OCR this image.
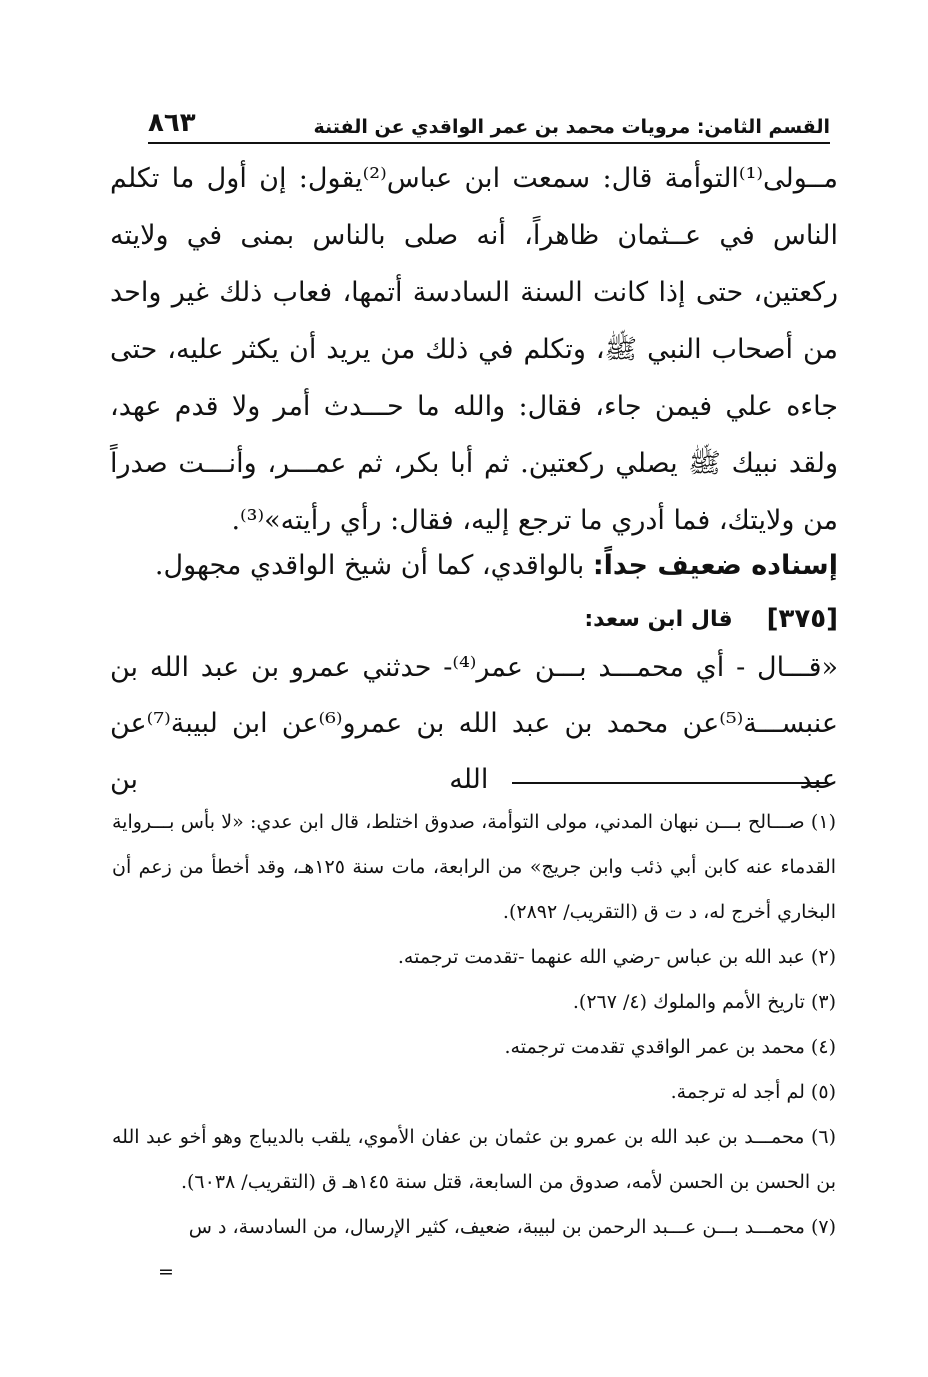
القسم الثامن: مرويات محمد بن عمر الواقدي عن الفتنة
٨٦٣

مــولى⁽¹⁾التوأمة قال: سمعت ابن عباس⁽²⁾يقول: إن أول ما تكلم الناس في عــثمان ظاهراً، أنه صلى بالناس بمنى في ولايته ركعتين، حتى إذا كانت السنة السادسة أتمها، فعاب ذلك غير واحد من أصحاب النبي ﷺ، وتكلم في ذلك من يريد أن يكثر عليه، حتى جاءه علي فيمن جاء، فقال: والله ما حـــدث أمر ولا قدم عهد، ولقد نبيك ﷺ يصلي ركعتين. ثم أبا بكر، ثم عمـــر، وأنـــت صدراً من ولايتك، فما أدري ما ترجع إليه، فقال: رأي رأيته»⁽³⁾.

إسناده ضعيف جداً: بالواقدي، كما أن شيخ الواقدي مجهول.
[٣٧٥]
قال ابن سعد:

«قـــال - أي محمـــد بـــن عمر⁽⁴⁾- حدثني عمرو بن عبد الله بن عنبســـة⁽⁵⁾عن محمد بن عبد الله بن عمرو⁽⁶⁾عن ابن لبيبة⁽⁷⁾عن عبد الله بن

(١) صـــالح بـــن نبهان المدني، مولى التوأمة، صدوق اختلط، قال ابن عدي: «لا بأس بـــرواية القدماء عنه كابن أبي ذئب وابن جريج» من الرابعة، مات سنة ١٢٥هـ، وقد أخطأ من زعم أن البخاري أخرج له، د ت ق (التقريب/ ٢٨٩٢).

(٢) عبد الله بن عباس -رضي الله عنهما -تقدمت ترجمته.

(٣) تاريخ الأمم والملوك (٤/ ٢٦٧).

(٤) محمد بن عمر الواقدي تقدمت ترجمته.

(٥) لم أجد له ترجمة.

(٦) محمـــد بن عبد الله بن عمرو بن عثمان بن عفان الأموي، يلقب بالديباج وهو أخو عبد الله بن الحسن بن الحسن لأمه، صدوق من السابعة، قتل سنة ١٤٥هـ ق (التقريب/ ٦٠٣٨).

(٧) محمـــد بـــن عـــبد الرحمن بن لبيبة، ضعيف، كثير الإرسال، من السادسة، د س

=
